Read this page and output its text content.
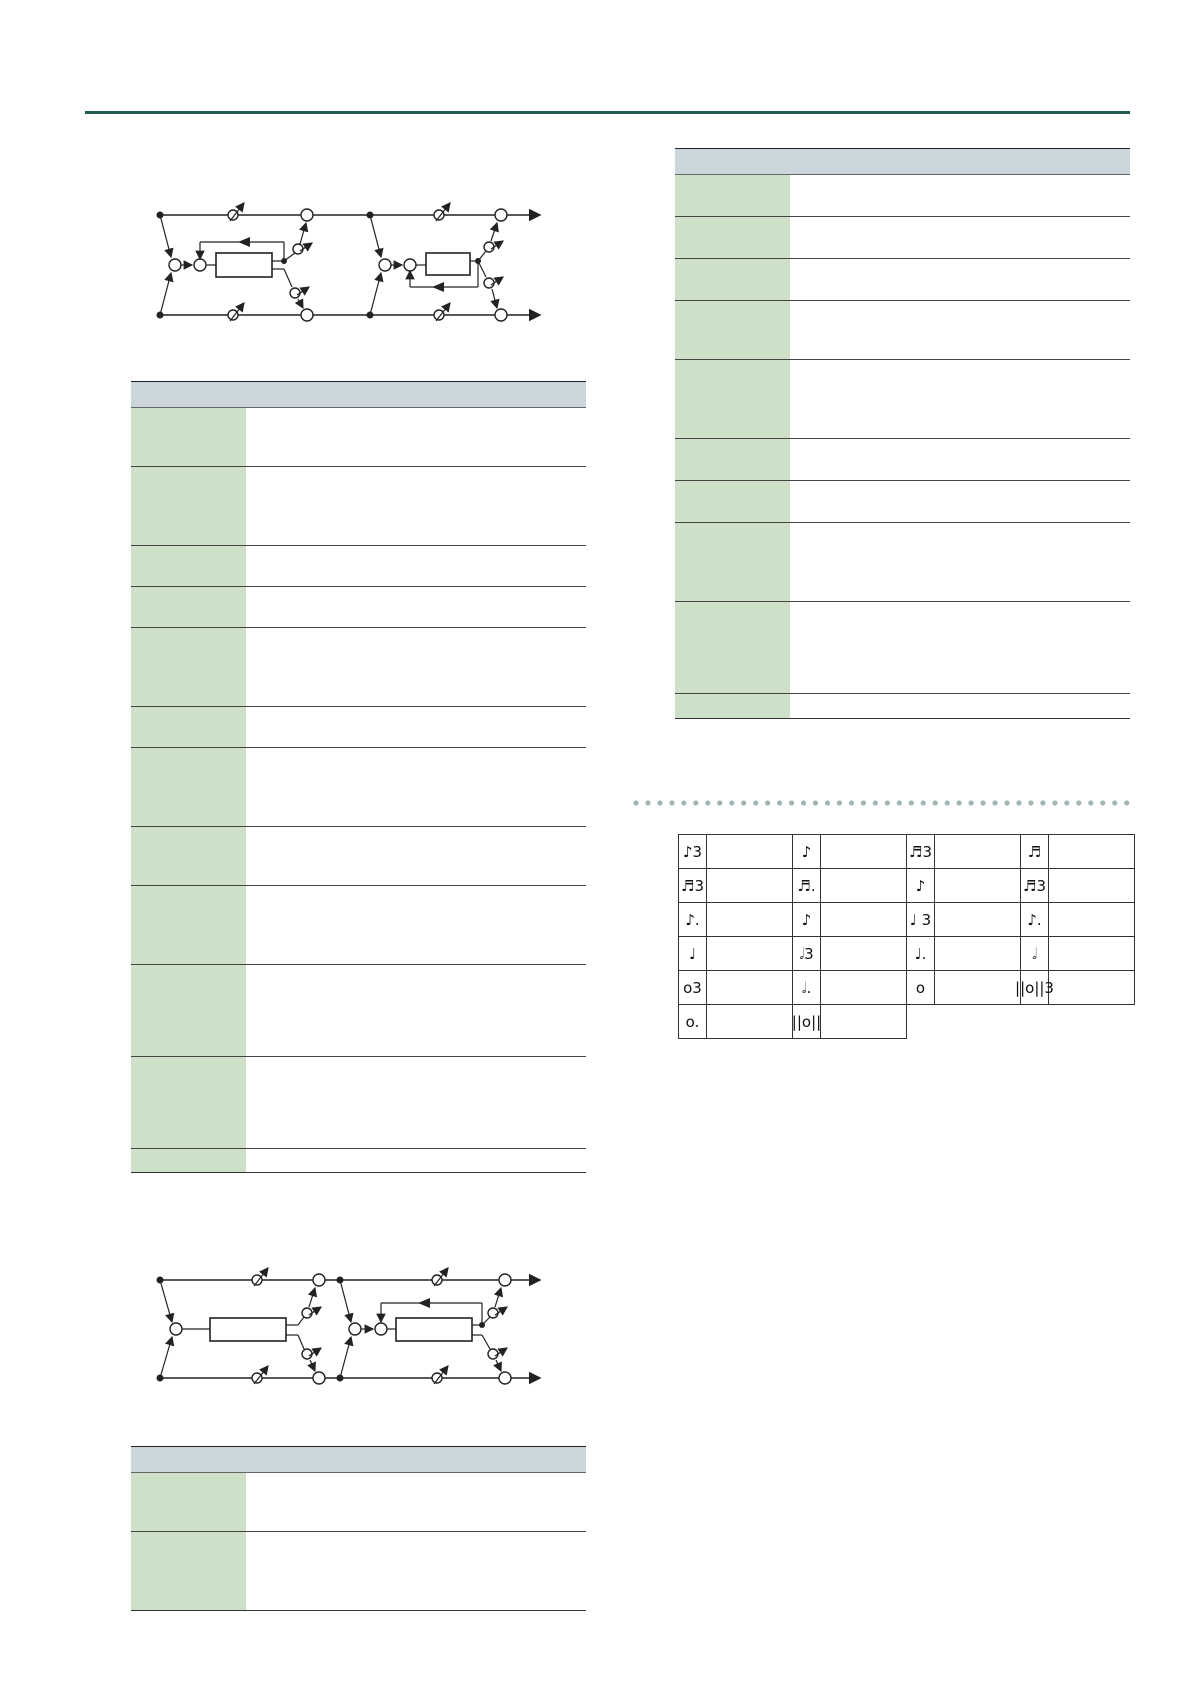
♪3	♪	♬3	♬
♬3	♬.	♪	♬3
♪.	♪	♩ 3	♪.
♩	𝅗𝅥3	♩.	𝅗𝅥
o3	𝅗𝅥.	o	||o||3
o.	||o||
